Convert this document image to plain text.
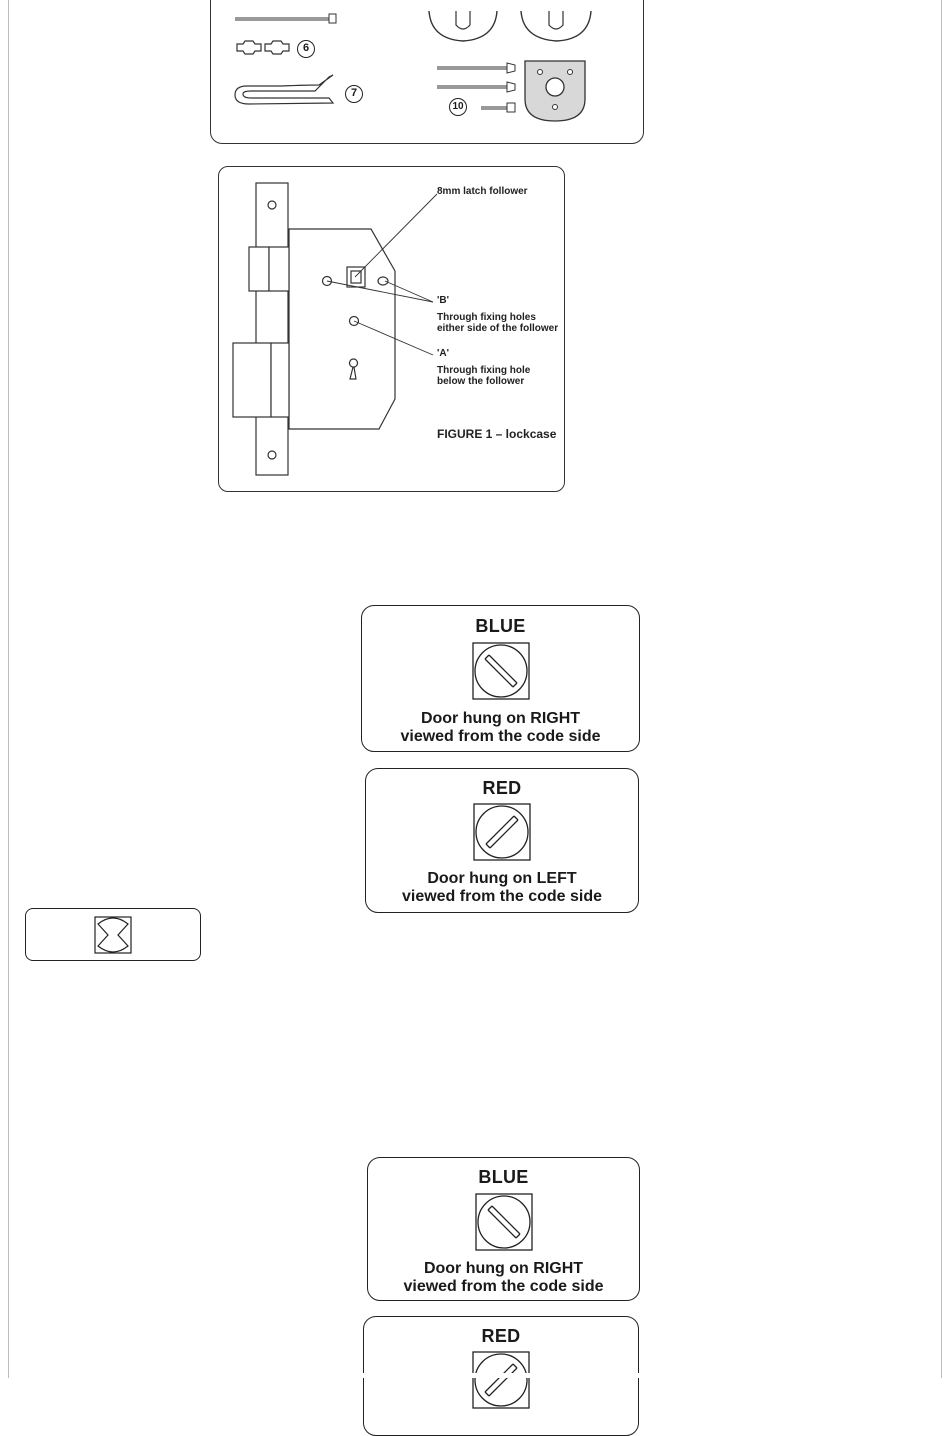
6
7
10
8mm latch follower
'B'
Through fixing holes
either side of the follower
'A'
Through fixing hole
below the follower
FIGURE 1 – lockcase
BLUE
Door hung on RIGHT
viewed from the code side
RED
Door hung on LEFT
viewed from the code side
BLUE
Door hung on RIGHT
viewed from the code side
RED
